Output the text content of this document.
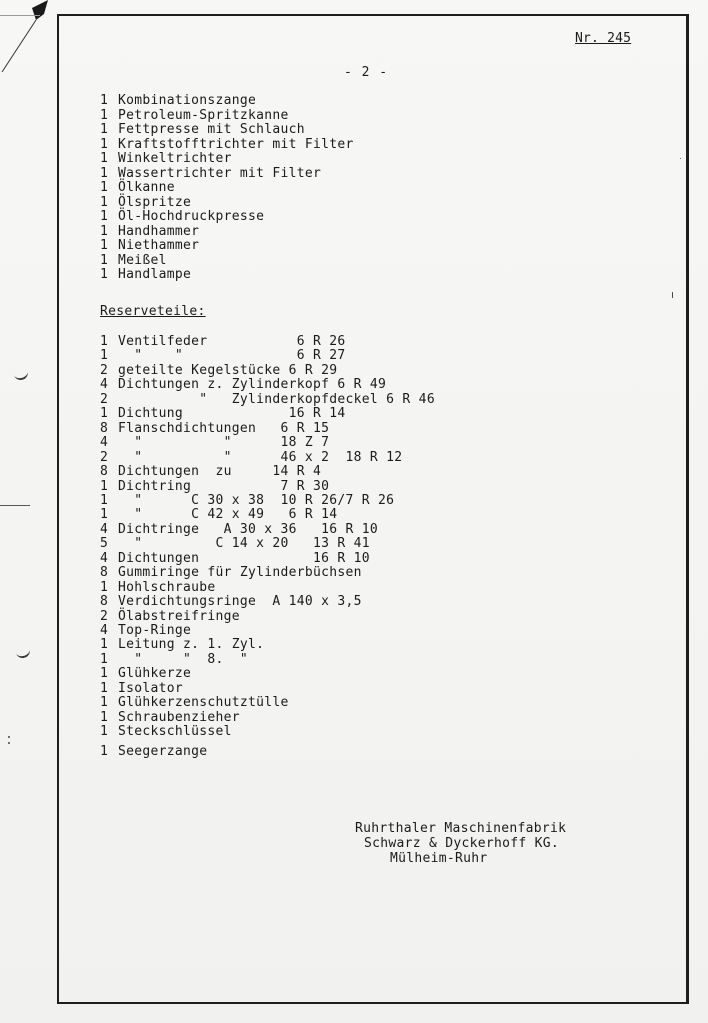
Nr. 245
- 2 -
1 Kombinationszange
1 Petroleum-Spritzkanne
1 Fettpresse mit Schlauch
1 Kraftstofftrichter mit Filter
1 Winkeltrichter
1 Wassertrichter mit Filter
1 Ölkanne
1 Ölspritze
1 Öl-Hochdruckpresse
1 Handhammer
1 Niethammer
1 Meißel
1 Handlampe
Reserveteile:
1 Ventilfeder           6 R 26
1  "    "              6 R 27
2 geteilte Kegelstücke 6 R 29
4 Dichtungen z. Zylinderkopf 6 R 49
2          "   Zylinderkopfdeckel 6 R 46
1 Dichtung             16 R 14
8 Flanschdichtungen   6 R 15
4  "          "      18 Z 7
2  "          "      46 x 2  18 R 12
8 Dichtungen  zu     14 R 4
1 Dichtring           7 R 30
1  "      C 30 x 38  10 R 26/7 R 26
1  "      C 42 x 49   6 R 14
4 Dichtringe   A 30 x 36   16 R 10
5  "         C 14 x 20   13 R 41
4 Dichtungen              16 R 10
8 Gummiringe für Zylinderbüchsen
1 Hohlschraube
8 Verdichtungsringe  A 140 x 3,5
2 Ölabstreifringe
4 Top-Ringe
1 Leitung z. 1. Zyl.
1  "     "  8.  "
1 Glühkerze
1 Isolator
1 Glühkerzenschutztülle
1 Schraubenzieher
1 Steckschlüssel
1 Seegerzange
Ruhrthaler Maschinenfabrik
Schwarz & Dyckerhoff KG.
Mülheim-Ruhr
